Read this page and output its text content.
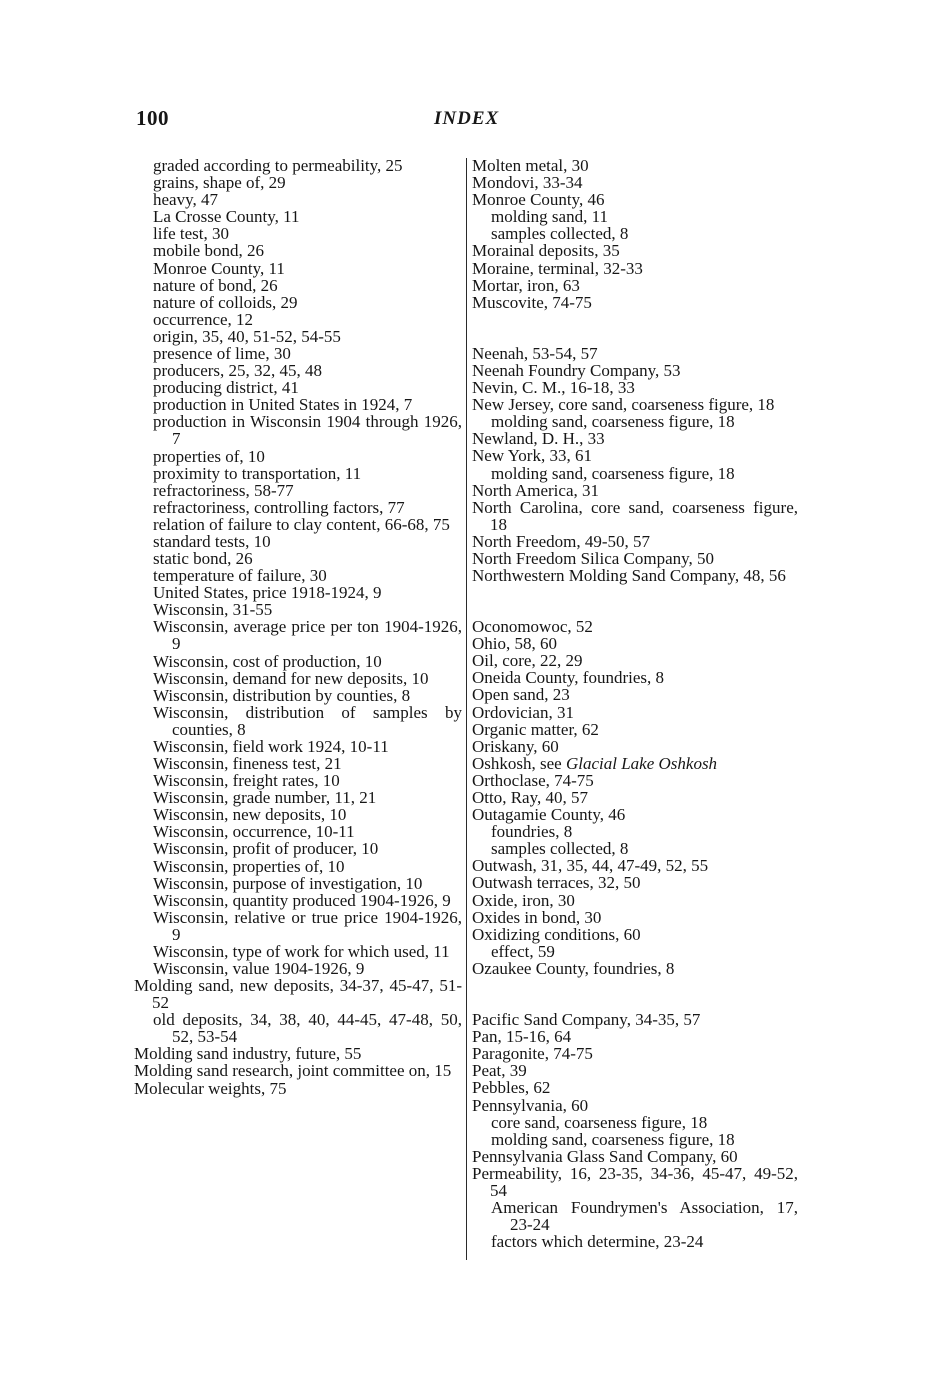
100	INDEX
graded according to permeability, 25
grains, shape of, 29
heavy, 47
La Crosse County, 11
life test, 30
mobile bond, 26
Monroe County, 11
nature of bond, 26
nature of colloids, 29
occurrence, 12
origin, 35, 40, 51-52, 54-55
presence of lime, 30
producers, 25, 32, 45, 48
producing district, 41
production in United States in 1924, 7
production in Wisconsin 1904 through 1926, 7
properties of, 10
proximity to transportation, 11
refractoriness, 58-77
refractoriness, controlling factors, 77
relation of failure to clay content, 66-68, 75
standard tests, 10
static bond, 26
temperature of failure, 30
United States, price 1918-1924, 9
Wisconsin, 31-55
Wisconsin, average price per ton 1904-1926, 9
Wisconsin, cost of production, 10
Wisconsin, demand for new deposits, 10
Wisconsin, distribution by counties, 8
Wisconsin, distribution of samples by counties, 8
Wisconsin, field work 1924, 10-11
Wisconsin, fineness test, 21
Wisconsin, freight rates, 10
Wisconsin, grade number, 11, 21
Wisconsin, new deposits, 10
Wisconsin, occurrence, 10-11
Wisconsin, profit of producer, 10
Wisconsin, properties of, 10
Wisconsin, purpose of investigation, 10
Wisconsin, quantity produced 1904-1926, 9
Wisconsin, relative or true price 1904-1926, 9
Wisconsin, type of work for which used, 11
Wisconsin, value 1904-1926, 9
Molding sand, new deposits, 34-37, 45-47, 51-52
old deposits, 34, 38, 40, 44-45, 47-48, 50, 52, 53-54
Molding sand industry, future, 55
Molding sand research, joint committee on, 15
Molecular weights, 75
Molten metal, 30
Mondovi, 33-34
Monroe County, 46
molding sand, 11
samples collected, 8
Morainal deposits, 35
Moraine, terminal, 32-33
Mortar, iron, 63
Muscovite, 74-75
Neenah, 53-54, 57
Neenah Foundry Company, 53
Nevin, C. M., 16-18, 33
New Jersey, core sand, coarseness figure, 18
molding sand, coarseness figure, 18
Newland, D. H., 33
New York, 33, 61
molding sand, coarseness figure, 18
North America, 31
North Carolina, core sand, coarseness figure, 18
North Freedom, 49-50, 57
North Freedom Silica Company, 50
Northwestern Molding Sand Company, 48, 56
Oconomowoc, 52
Ohio, 58, 60
Oil, core, 22, 29
Oneida County, foundries, 8
Open sand, 23
Ordovician, 31
Organic matter, 62
Oriskany, 60
Oshkosh, see Glacial Lake Oshkosh
Orthoclase, 74-75
Otto, Ray, 40, 57
Outagamie County, 46
foundries, 8
samples collected, 8
Outwash, 31, 35, 44, 47-49, 52, 55
Outwash terraces, 32, 50
Oxide, iron, 30
Oxides in bond, 30
Oxidizing conditions, 60
effect, 59
Ozaukee County, foundries, 8
Pacific Sand Company, 34-35, 57
Pan, 15-16, 64
Paragonite, 74-75
Peat, 39
Pebbles, 62
Pennsylvania, 60
core sand, coarseness figure, 18
molding sand, coarseness figure, 18
Pennsylvania Glass Sand Company, 60
Permeability, 16, 23-35, 34-36, 45-47, 49-52, 54
American Foundrymen's Association, 17, 23-24
factors which determine, 23-24
